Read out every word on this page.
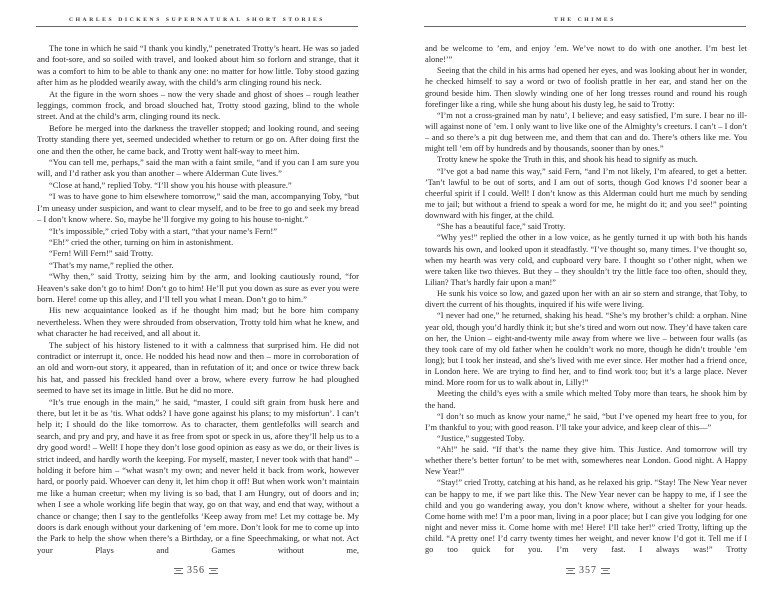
CHARLES DICKENS SUPERNATURAL SHORT STORIES

The tone in which he said “I thank you kindly,” penetrated Trotty’s heart. He was so jaded and foot-sore, and so soiled with travel, and looked about him so forlorn and strange, that it was a comfort to him to be able to thank any one: no matter for how little. Toby stood gazing after him as he plodded wearily away, with the child’s arm clinging round his neck.

At the figure in the worn shoes – now the very shade and ghost of shoes – rough leather leggings, common frock, and broad slouched hat, Trotty stood gazing, blind to the whole street. And at the child’s arm, clinging round its neck.

Before he merged into the darkness the traveller stopped; and looking round, and seeing Trotty standing there yet, seemed undecided whether to return or go on. After doing first the one and then the other, he came back, and Trotty went half-way to meet him.

“You can tell me, perhaps,” said the man with a faint smile, “and if you can I am sure you will, and I’d rather ask you than another – where Alderman Cute lives.”

“Close at hand,” replied Toby. “I’ll show you his house with pleasure.”

“I was to have gone to him elsewhere tomorrow,” said the man, accompanying Toby, “but I’m uneasy under suspicion, and want to clear myself, and to be free to go and seek my bread – I don’t know where. So, maybe he’ll forgive my going to his house to-night.”

“It’s impossible,” cried Toby with a start, “that your name’s Fern!”

“Eh!” cried the other, turning on him in astonishment.

“Fern! Will Fern!” said Trotty.

“That’s my name,” replied the other.

“Why then,” said Trotty, seizing him by the arm, and looking cautiously round, “for Heaven’s sake don’t go to him! Don’t go to him! He’ll put you down as sure as ever you were born. Here! come up this alley, and I’ll tell you what I mean. Don’t go to him.”

His new acquaintance looked as if he thought him mad; but he bore him company nevertheless. When they were shrouded from observation, Trotty told him what he knew, and what character he had received, and all about it.

The subject of his history listened to it with a calmness that surprised him. He did not contradict or interrupt it, once. He nodded his head now and then – more in corroboration of an old and worn-out story, it appeared, than in refutation of it; and once or twice threw back his hat, and passed his freckled hand over a brow, where every furrow he had ploughed seemed to have set its image in little. But he did no more.

“It’s true enough in the main,” he said, “master, I could sift grain from husk here and there, but let it be as ’tis. What odds? I have gone against his plans; to my misfortun’. I can’t help it; I should do the like tomorrow. As to character, them gentlefolks will search and search, and pry and pry, and have it as free from spot or speck in us, afore they’ll help us to a dry good word! – Well! I hope they don’t lose good opinion as easy as we do, or their lives is strict indeed, and hardly worth the keeping. For myself, master, I never took with that hand” – holding it before him – “what wasn’t my own; and never held it back from work, however hard, or poorly paid. Whoever can deny it, let him chop it off! But when work won’t maintain me like a human creetur; when my living is so bad, that I am Hungry, out of doors and in; when I see a whole working life begin that way, go on that way, and end that way, without a chance or change; then I say to the gentlefolks ‘Keep away from me! Let my cottage be. My doors is dark enough without your darkening of ’em more. Don’t look for me to come up into the Park to help the show when there’s a Birthday, or a fine Speechmaking, or what not. Act your Plays and Games without me,

356
THE CHIMES

and be welcome to ’em, and enjoy ’em. We’ve nowt to do with one another. I’m best let alone!’”

Seeing that the child in his arms had opened her eyes, and was looking about her in wonder, he checked himself to say a word or two of foolish prattle in her ear, and stand her on the ground beside him. Then slowly winding one of her long tresses round and round his rough forefinger like a ring, while she hung about his dusty leg, he said to Trotty:

“I’m not a cross-grained man by natu’, I believe; and easy satisfied, I’m sure. I bear no ill-will against none of ’em. I only want to live like one of the Almighty’s creeturs. I can’t – I don’t – and so there’s a pit dug between me, and them that can and do. There’s others like me. You might tell ’em off by hundreds and by thousands, sooner than by ones.”

Trotty knew he spoke the Truth in this, and shook his head to signify as much.

“I’ve got a bad name this way,” said Fern, “and I’m not likely, I’m afeared, to get a better. ’Tan’t lawful to be out of sorts, and I am out of sorts, though God knows I’d sooner bear a cheerful spirit if I could. Well! I don’t know as this Alderman could hurt me much by sending me to jail; but without a friend to speak a word for me, he might do it; and you see!” pointing downward with his finger, at the child.

“She has a beautiful face,” said Trotty.

“Why yes!” replied the other in a low voice, as he gently turned it up with both his hands towards his own, and looked upon it steadfastly. “I’ve thought so, many times. I’ve thought so, when my hearth was very cold, and cupboard very bare. I thought so t’other night, when we were taken like two thieves. But they – they shouldn’t try the little face too often, should they, Lilian? That’s hardly fair upon a man!”

He sunk his voice so low, and gazed upon her with an air so stern and strange, that Toby, to divert the current of his thoughts, inquired if his wife were living.

“I never had one,” he returned, shaking his head. “She’s my brother’s child: a orphan. Nine year old, though you’d hardly think it; but she’s tired and worn out now. They’d have taken care on her, the Union – eight-and-twenty mile away from where we live – between four walls (as they took care of my old father when he couldn’t work no more, though he didn’t trouble ’em long); but I took her instead, and she’s lived with me ever since. Her mother had a friend once, in London here. We are trying to find her, and to find work too; but it’s a large place. Never mind. More room for us to walk about in, Lilly!”

Meeting the child’s eyes with a smile which melted Toby more than tears, he shook him by the hand.

“I don’t so much as know your name,” he said, “but I’ve opened my heart free to you, for I’m thankful to you; with good reason. I’ll take your advice, and keep clear of this—”

“Justice,” suggested Toby.

“Ah!” he said. “If that’s the name they give him. This Justice. And tomorrow will try whether there’s better fortun’ to be met with, somewheres near London. Good night. A Happy New Year!”

“Stay!” cried Trotty, catching at his hand, as he relaxed his grip. “Stay! The New Year never can be happy to me, if we part like this. The New Year never can be happy to me, if I see the child and you go wandering away, you don’t know where, without a shelter for your heads. Come home with me! I’m a poor man, living in a poor place; but I can give you lodging for one night and never miss it. Come home with me! Here! I’ll take her!” cried Trotty, lifting up the child. “A pretty one! I’d carry twenty times her weight, and never know I’d got it. Tell me if I go too quick for you. I’m very fast. I always was!” Trotty

357
